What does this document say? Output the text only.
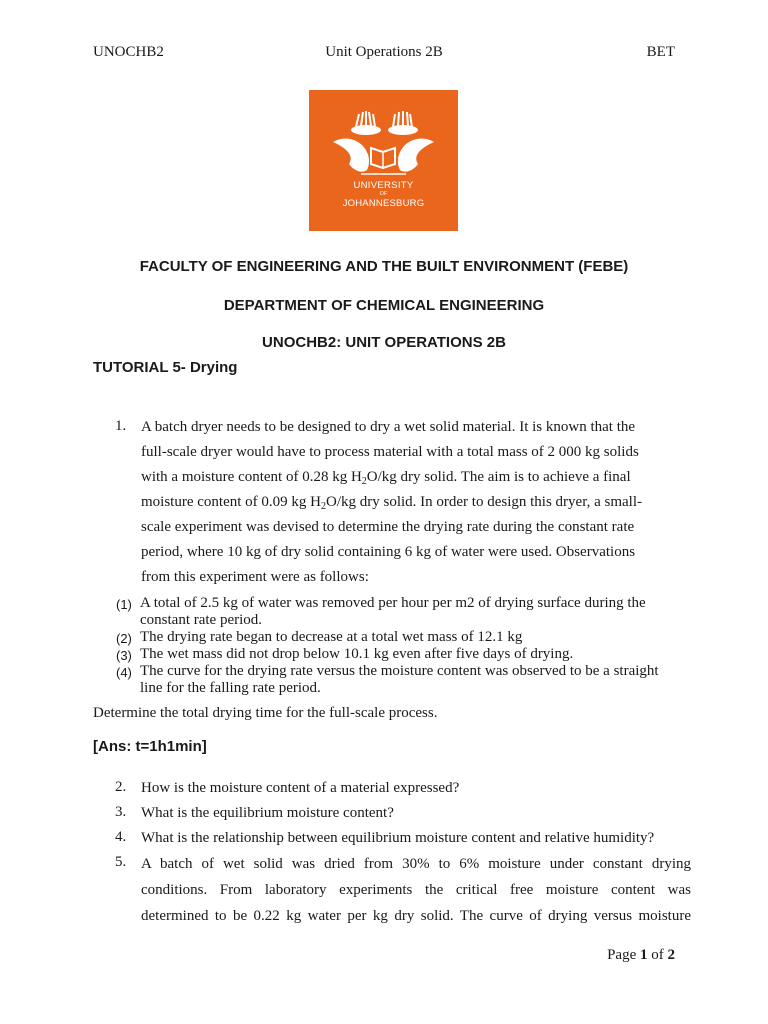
UNOCHB2	Unit Operations 2B	BET
UNIVERSITY
OF
JOHANNESBURG
FACULTY OF ENGINEERING AND THE BUILT ENVIRONMENT (FEBE)
DEPARTMENT OF CHEMICAL ENGINEERING
UNOCHB2: UNIT OPERATIONS 2B
TUTORIAL 5- Drying
1. A batch dryer needs to be designed to dry a wet solid material. It is known that the
full-scale dryer would have to process material with a total mass of 2 000 kg solids
with a moisture content of 0.28 kg $H_2O/kg$ dry solid. The aim is to achieve a final
moisture content of 0.09 kg $H_2O/kg$ dry solid. In order to design this dryer, a small-
scale experiment was devised to determine the drying rate during the constant rate
period, where 10 kg of dry solid containing 6 kg of water were used. Observations
from this experiment were as follows:
(1) A total of 2.5 kg of water was removed per hour per m2 of drying surface during the
constant rate period.
(2) The drying rate began to decrease at a total wet mass of 12.1 kg
(3) The wet mass did not drop below 10.1 kg even after five days of drying.
(4) The curve for the drying rate versus the moisture content was observed to be a straight
line for the falling rate period.
Determine the total drying time for the full-scale process.
[Ans: t=1h1min]
2. How is the moisture content of a material expressed?
3. What is the equilibrium moisture content?
4. What is the relationship between equilibrium moisture content and relative humidity?
5. A batch of wet solid was dried from 30% to 6% moisture under constant drying
conditions. From laboratory experiments the critical free moisture content was
determined to be 0.22 kg water per kg dry solid. The curve of drying versus moisture
Page 1 of 2
